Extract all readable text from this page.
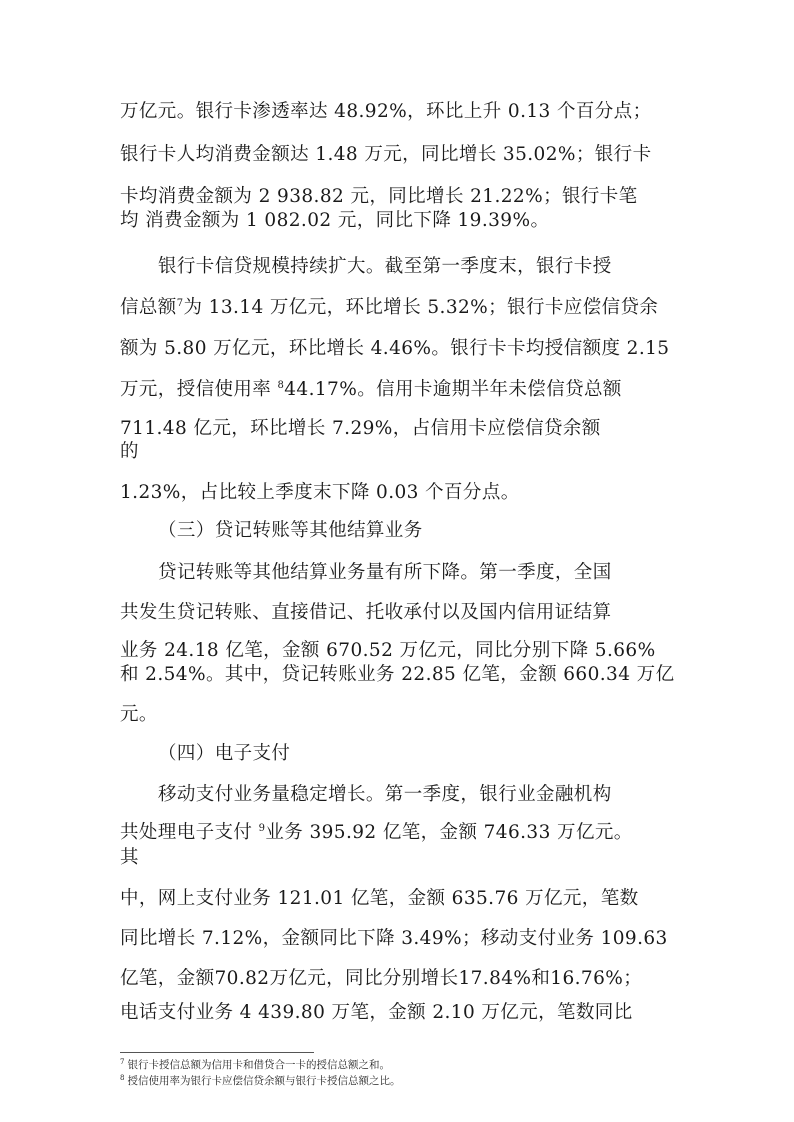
万亿元。银行卡渗透率达 48.92%，环比上升 0.13 个百分点；
银行卡人均消费金额达 1.48 万元，同比增长 35.02%；银行卡
卡均消费金额为 2 938.82 元，同比增长 21.22%；银行卡笔
均 消费金额为 1 082.02 元，同比下降 19.39%。
银行卡信贷规模持续扩大。截至第一季度末，银行卡授
信总额$^7$为 13.14 万亿元，环比增长 5.32%；银行卡应偿信贷余
额为 5.80 万亿元，环比增长 4.46%。银行卡卡均授信额度 2.15
万元，授信使用率 $^8$44.17%。信用卡逾期半年未偿信贷总额
711.48 亿元，环比增长 7.29%，占信用卡应偿信贷余额
的
1.23%，占比较上季度末下降 0.03 个百分点。
（三）贷记转账等其他结算业务
贷记转账等其他结算业务量有所下降。第一季度，全国
共发生贷记转账、直接借记、托收承付以及国内信用证结算
业务 24.18 亿笔，金额 670.52 万亿元，同比分别下降 5.66%
和 2.54%。其中，贷记转账业务 22.85 亿笔，金额 660.34 万亿
元。
（四）电子支付
移动支付业务量稳定增长。第一季度，银行业金融机构
共处理电子支付 $^9$业务 395.92 亿笔，金额 746.33 万亿元。
其
中，网上支付业务 121.01 亿笔，金额 635.76 万亿元，笔数
同比增长 7.12%，金额同比下降 3.49%；移动支付业务 109.63
亿笔，金额70.82万亿元，同比分别增长17.84%和16.76%；
电话支付业务 4 439.80 万笔，金额 2.10 万亿元，笔数同比
$^7$ 银行卡授信总额为信用卡和借贷合一卡的授信总额之和。
$^8$ 授信使用率为银行卡应偿信贷余额与银行卡授信总额之比。
